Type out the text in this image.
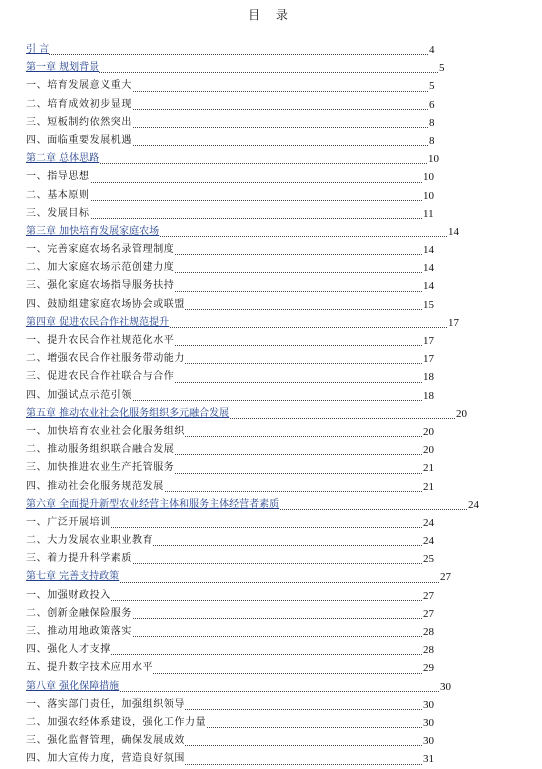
目 录
引 言	4
第一章 规划背景	5
一、培育发展意义重大	5
二、培育成效初步显现	6
三、短板制约依然突出	8
四、面临重要发展机遇	8
第二章 总体思路	10
一、指导思想	10
二、基本原则	10
三、发展目标	11
第三章 加快培育发展家庭农场	14
一、完善家庭农场名录管理制度	14
二、加大家庭农场示范创建力度	14
三、强化家庭农场指导服务扶持	14
四、鼓励组建家庭农场协会或联盟	15
第四章 促进农民合作社规范提升	17
一、提升农民合作社规范化水平	17
二、增强农民合作社服务带动能力	17
三、促进农民合作社联合与合作	18
四、加强试点示范引领	18
第五章 推动农业社会化服务组织多元融合发展	20
一、加快培育农业社会化服务组织	20
二、推动服务组织联合融合发展	20
三、加快推进农业生产托管服务	21
四、推动社会化服务规范发展	21
第六章 全面提升新型农业经营主体和服务主体经营者素质	24
一、广泛开展培训	24
二、大力发展农业职业教育	24
三、着力提升科学素质	25
第七章 完善支持政策	27
一、加强财政投入	27
二、创新金融保险服务	27
三、推动用地政策落实	28
四、强化人才支撑	28
五、提升数字技术应用水平	29
第八章 强化保障措施	30
一、落实部门责任，加强组织领导	30
二、加强农经体系建设，强化工作力量	30
三、强化监督管理，确保发展成效	30
四、加大宣传力度，营造良好氛围	31
